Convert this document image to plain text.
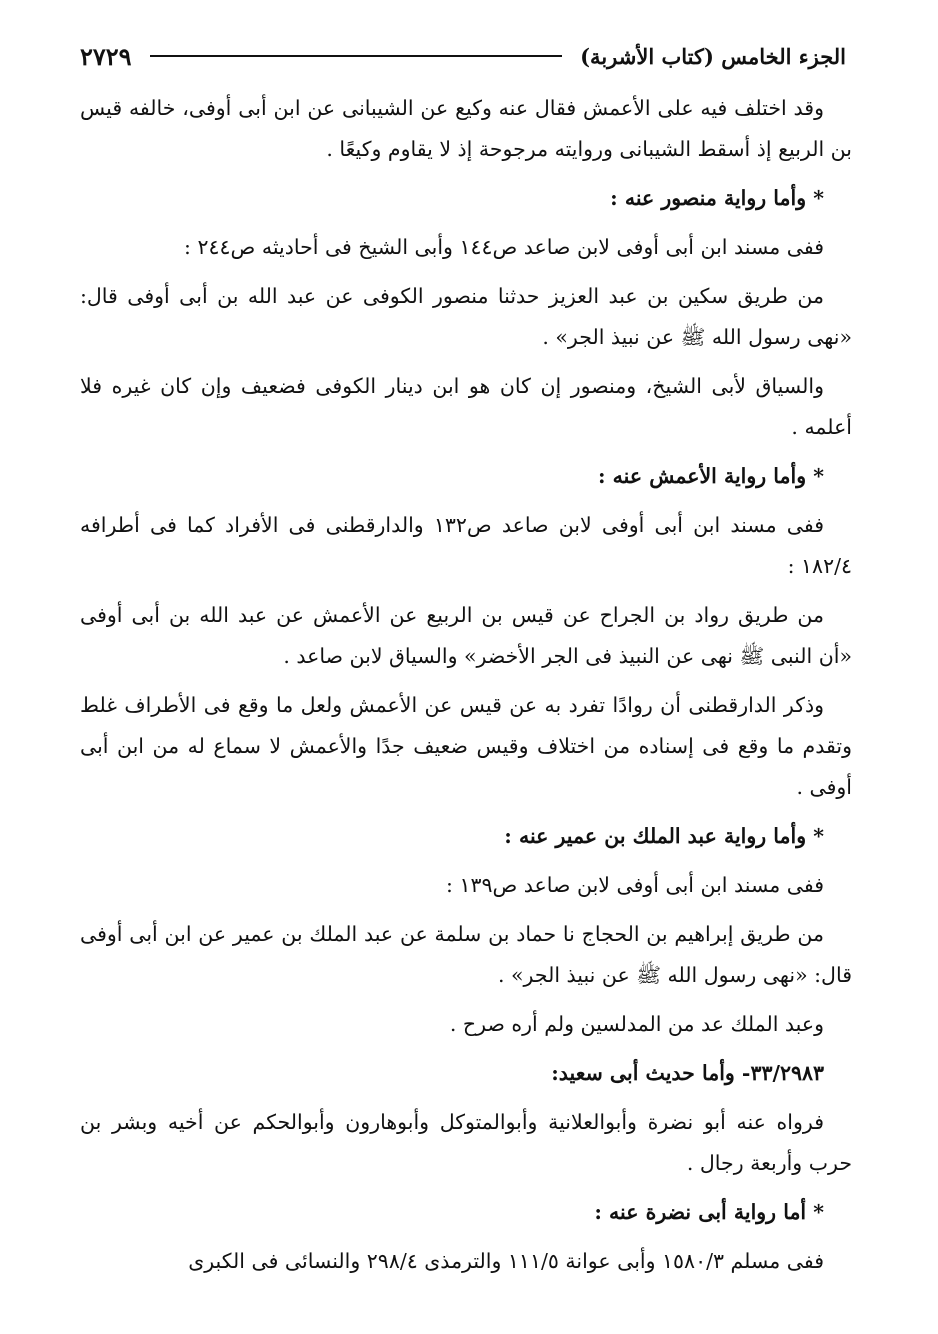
الجزء الخامس (كتاب الأشربة)
٢٧٢٩

وقد اختلف فيه على الأعمش فقال عنه وكيع عن الشيبانى عن ابن أبى أوفى، خالفه قيس بن الربيع إذ أسقط الشيبانى وروايته مرجوحة إذ لا يقاوم وكيعًا .

* وأما رواية منصور عنه :

ففى مسند ابن أبى أوفى لابن صاعد ص١٤٤ وأبى الشيخ فى أحاديثه ص٢٤٤ :

من طريق سكين بن عبد العزيز حدثنا منصور الكوفى عن عبد الله بن أبى أوفى قال: «نهى رسول الله ﷺ عن نبيذ الجر» .

والسياق لأبى الشيخ، ومنصور إن كان هو ابن دينار الكوفى فضعيف وإن كان غيره فلا أعلمه .

* وأما رواية الأعمش عنه :

ففى مسند ابن أبى أوفى لابن صاعد ص١٣٢ والدارقطنى فى الأفراد كما فى أطرافه ١٨٢/٤ :

من طريق رواد بن الجراح عن قيس بن الربيع عن الأعمش عن عبد الله بن أبى أوفى «أن النبى ﷺ نهى عن النبيذ فى الجر الأخضر» والسياق لابن صاعد .

وذكر الدارقطنى أن روادًا تفرد به عن قيس عن الأعمش ولعل ما وقع فى الأطراف غلط وتقدم ما وقع فى إسناده من اختلاف وقيس ضعيف جدًا والأعمش لا سماع له من ابن أبى أوفى .

* وأما رواية عبد الملك بن عمير عنه :

ففى مسند ابن أبى أوفى لابن صاعد ص١٣٩ :

من طريق إبراهيم بن الحجاج نا حماد بن سلمة عن عبد الملك بن عمير عن ابن أبى أوفى قال: «نهى رسول الله ﷺ عن نبيذ الجر» .

وعبد الملك عد من المدلسين ولم أره صرح .

٣٣/٢٩٨٣- وأما حديث أبى سعيد:

فرواه عنه أبو نضرة وأبوالعلانية وأبوالمتوكل وأبوهارون وأبوالحكم عن أخيه وبشر بن حرب وأربعة رجال .

* أما رواية أبى نضرة عنه :

ففى مسلم ١٥٨٠/٣ وأبى عوانة ١١١/٥ والترمذى ٢٩٨/٤ والنسائى فى الكبرى
